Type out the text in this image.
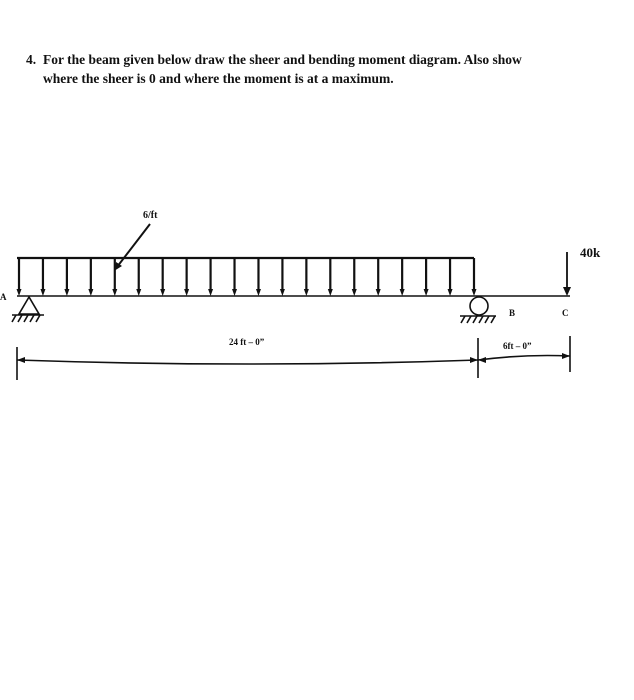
4. For the beam given below draw the sheer and bending moment diagram. Also show
where the sheer is 0 and where the moment is at a maximum.
6/ft
A
B
40k
C
24 ft – 0”	6ft – 0”
